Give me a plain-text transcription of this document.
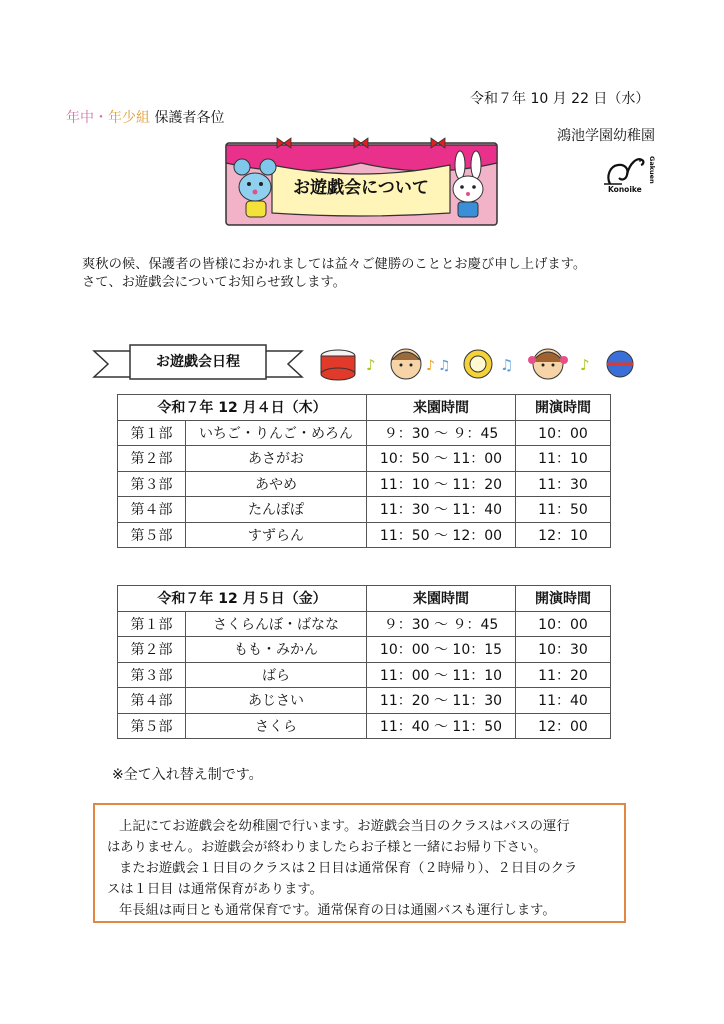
令和７年 10 月 22 日（水）
年中・年少組 保護者各位
鴻池学園幼稚園
Konoike
Gakuen
お遊戯会について
爽秋の候、保護者の皆様におかれましては益々ご健勝のこととお慶び申し上げます。
さて、お遊戯会についてお知らせ致します。
お遊戯会日程	♪	♪ ♫	♫	♪
令和７年 12 月４日（木）		来園時間	開演時間
第１部	いちご・りんご・めろん	９：30 〜 ９：45	10：00
第２部	あさがお	10：50 〜 11：00	11：10
第３部	あやめ	11：10 〜 11：20	11：30
第４部	たんぽぽ	11：30 〜 11：40	11：50
第５部	すずらん	11：50 〜 12：00	12：10
令和７年 12 月５日（金）		来園時間	開演時間
第１部	さくらんぼ・ばなな	９：30 〜 ９：45	10：00
第２部	もも・みかん	10：00 〜 10：15	10：30
第３部	ばら	11：00 〜 11：10	11：20
第４部	あじさい	11：20 〜 11：30	11：40
第５部	さくら	11：40 〜 11：50	12：00
※全て入れ替え制です。

上記にてお遊戯会を幼稚園で行います。お遊戯会当日のクラスはバスの運行

はありません。お遊戯会が終わりましたらお子様と一緒にお帰り下さい。

またお遊戯会１日目のクラスは２日目は通常保育（２時帰り）、２日目のクラ

スは１日目 は通常保育があります。

年長組は両日とも通常保育です。通常保育の日は通園バスも運行します。
